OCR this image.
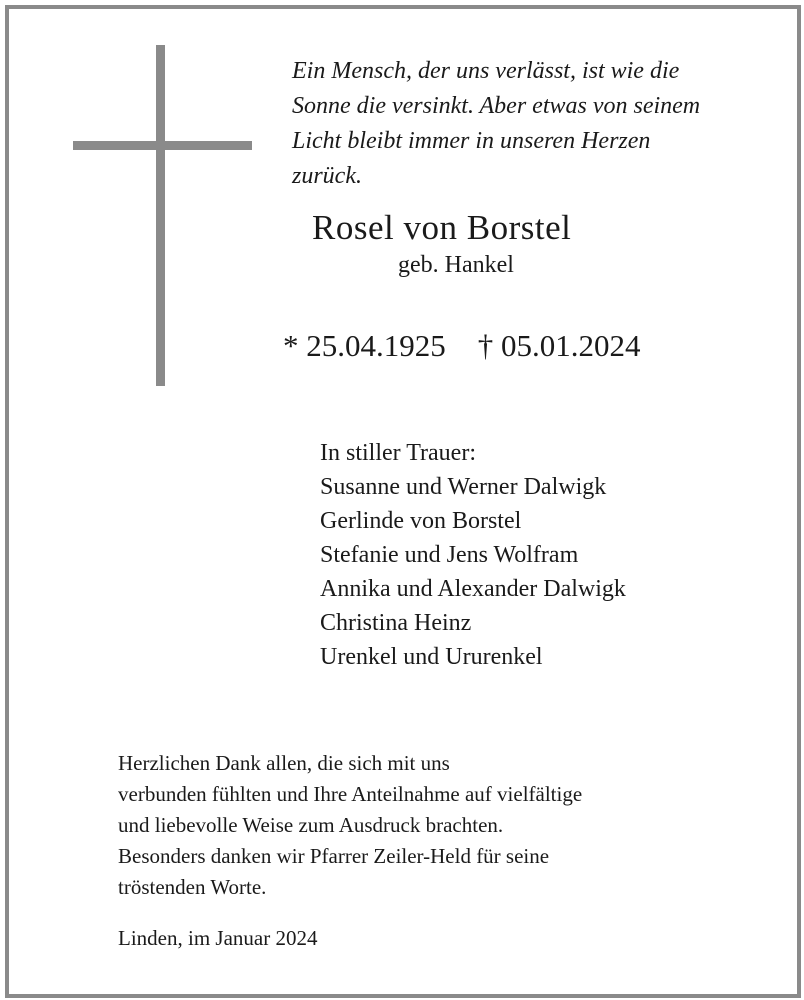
Ein Mensch, der uns verlässt, ist wie die
Sonne die versinkt. Aber etwas von seinem
Licht bleibt immer in unseren Herzen
zurück.
Rosel von Borstel
geb. Hankel
* 25.04.1925 † 05.01.2024
In stiller Trauer:
Susanne und Werner Dalwigk
Gerlinde von Borstel
Stefanie und Jens Wolfram
Annika und Alexander Dalwigk
Christina Heinz
Urenkel und Ururenkel
Herzlichen Dank allen, die sich mit uns
verbunden fühlten und Ihre Anteilnahme auf vielfältige
und liebevolle Weise zum Ausdruck brachten.
Besonders danken wir Pfarrer Zeiler-Held für seine
tröstenden Worte.
Linden, im Januar 2024
